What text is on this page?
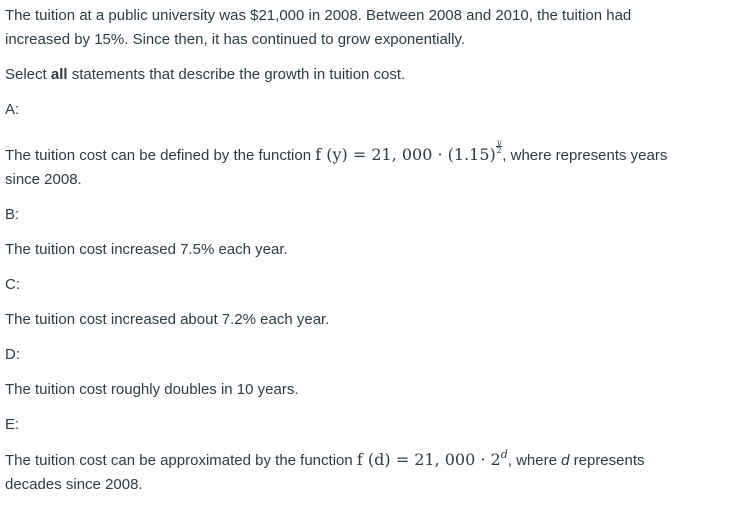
The tuition at a public university was $21,000 in 2008. Between 2008 and 2010, the tuition had

increased by 15%. Since then, it has continued to grow exponentially.

Select all statements that describe the growth in tuition cost.

A:

The tuition cost can be defined by the function f (y) = 21, $000 \cdot (1.15) \frac{y}{2}$
, where represents years

since 2008.

B:

The tuition cost increased 7.5% each year.

C:

The tuition cost increased about 7.2% each year.

D:

The tuition cost roughly doubles in 10 years.

E:

The tuition cost can be approximated by the function f (d) = 21, $000 \cdot 2^d$, where d represents

decades since 2008.
